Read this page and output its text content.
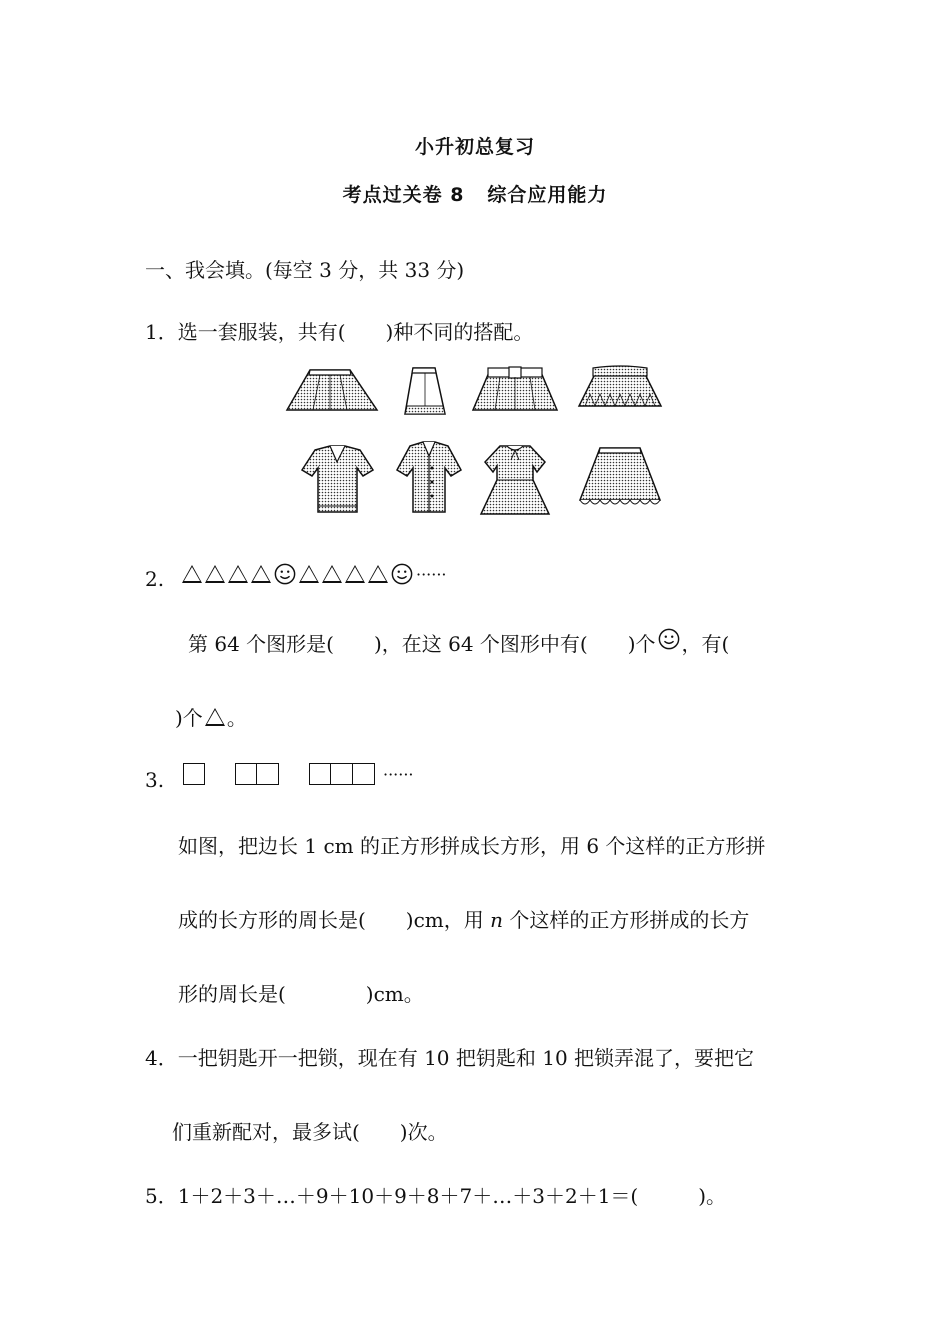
小升初总复习
考点过关卷 8   综合应用能力
一、我会填。(每空 3 分，共 33 分)
1．选一套服装，共有(　　)种不同的搭配。
2.	······
第 64 个图形是(　　)，在这 64 个图形中有(　　)个 ，有(
)个 。
3.	······
如图，把边长 1 cm 的正方形拼成长方形，用 6 个这样的正方形拼
成的长方形的周长是(　　)cm，用 n 个这样的正方形拼成的长方
形的周长是(　　　　)cm。
4．一把钥匙开一把锁，现在有 10 把钥匙和 10 把锁弄混了，要把它
们重新配对，最多试(　　)次。
5．1＋2＋3＋…＋9＋10＋9＋8＋7＋…＋3＋2＋1＝(　　　)。
